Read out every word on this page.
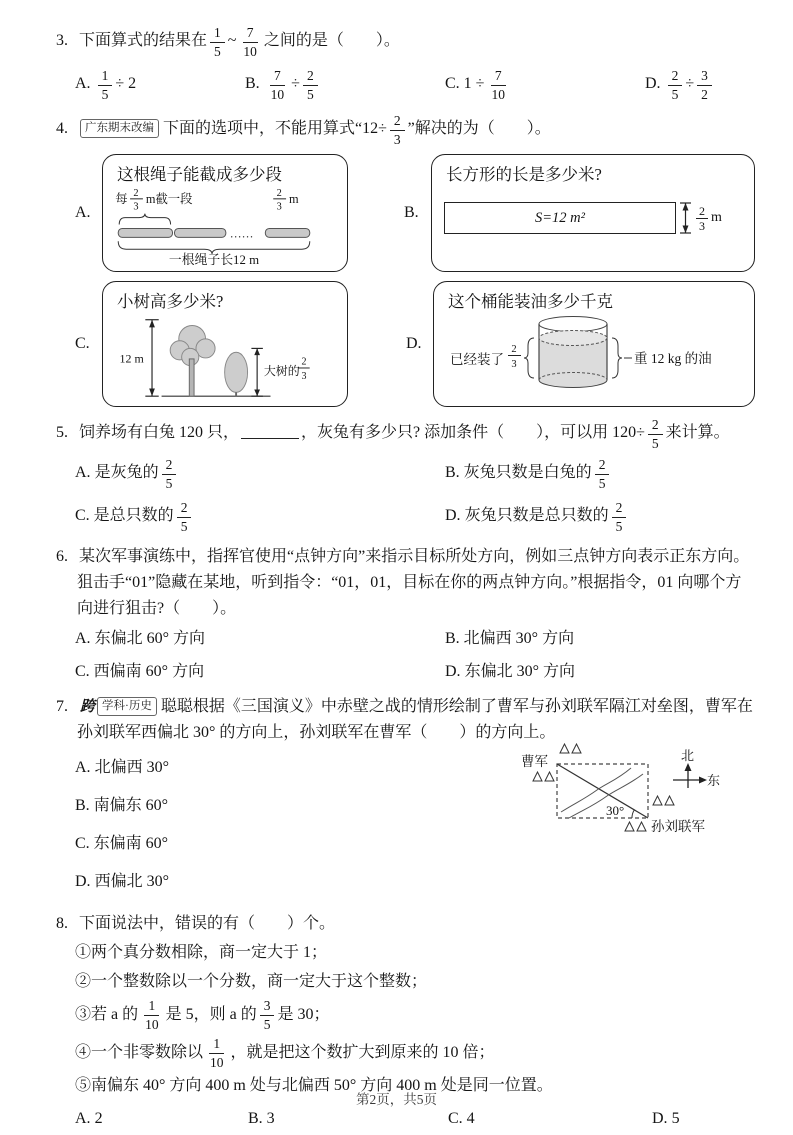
3. 下面算式的结果在 $\frac{1}{5}$ ~ $\frac{7}{10}$ 之间的是（　　）。
A. $\frac{1}{5} \div 2$	B. $\frac{7}{10} \div \frac{2}{5}$	C. $1 \div \frac{7}{10}$	D. $\frac{2}{5} \div \frac{3}{2}$
4. 广东期末改编 下面的选项中，不能用算式“$12\div \frac{2}{3}$ ”解决的为（　　）。
A.
这根绳子能截成多少段
每 2
3
m截一段	2
3
m
……
一根绳子长12 m
B.
长方形的长是多少米?
S=12 m²	$\frac{2}{3}$ m
C.
小树高多少米?
12 m
大树的
2
3
D.
这个桶能装油多少千克
已经装了
2
3	重 12 kg 的油
5. 饲养场有白兔 120 只，	，灰兔有多少只? 添加条件（　　），可以用 $120\div \frac{2}{5}$ 来计算。
A. 是灰兔的 $\frac{2}{5}$	B. 灰兔只数是白兔的 $\frac{2}{5}$
C. 是总只数的 $\frac{2}{5}$	D. 灰兔只数是总只数的 $\frac{2}{5}$
6. 某次军事演练中，指挥官使用“点钟方向”来指示目标所处方向，例如三点钟方向表示正东方向。狙击手“01”隐藏在某地，听到指令：“01，01，目标在你的两点钟方向。”根据指令，01 向哪个方向进行狙击?（　　）。
A. 东偏北 60° 方向	B. 北偏西 30° 方向
C. 西偏南 60° 方向	D. 东偏北 30° 方向
7. 跨 学科·历史 聪聪根据《三国演义》中赤壁之战的情形绘制了曹军与孙刘联军隔江对垒图，曹军在孙刘联军西偏北 30° 的方向上，孙刘联军在曹军（　　）的方向上。
A. 北偏西 30°
B. 南偏东 60°
C. 东偏南 60°
D. 西偏北 30°
曹军
30°
孙刘联军
北
东
8. 下面说法中，错误的有（　　）个。
①两个真分数相除，商一定大于 1；
②一个整数除以一个分数，商一定大于这个整数；
③若 a 的 $\frac{1}{10}$ 是 5，则 a 的 $\frac{3}{5}$ 是 30；
④一个非零数除以 $\frac{1}{10}$ ，就是把这个数扩大到原来的 10 倍；
⑤南偏东 40° 方向 400 m 处与北偏西 50° 方向 400 m 处是同一位置。
A. 2	B. 3	C. 4	D. 5
第2页，共5页
